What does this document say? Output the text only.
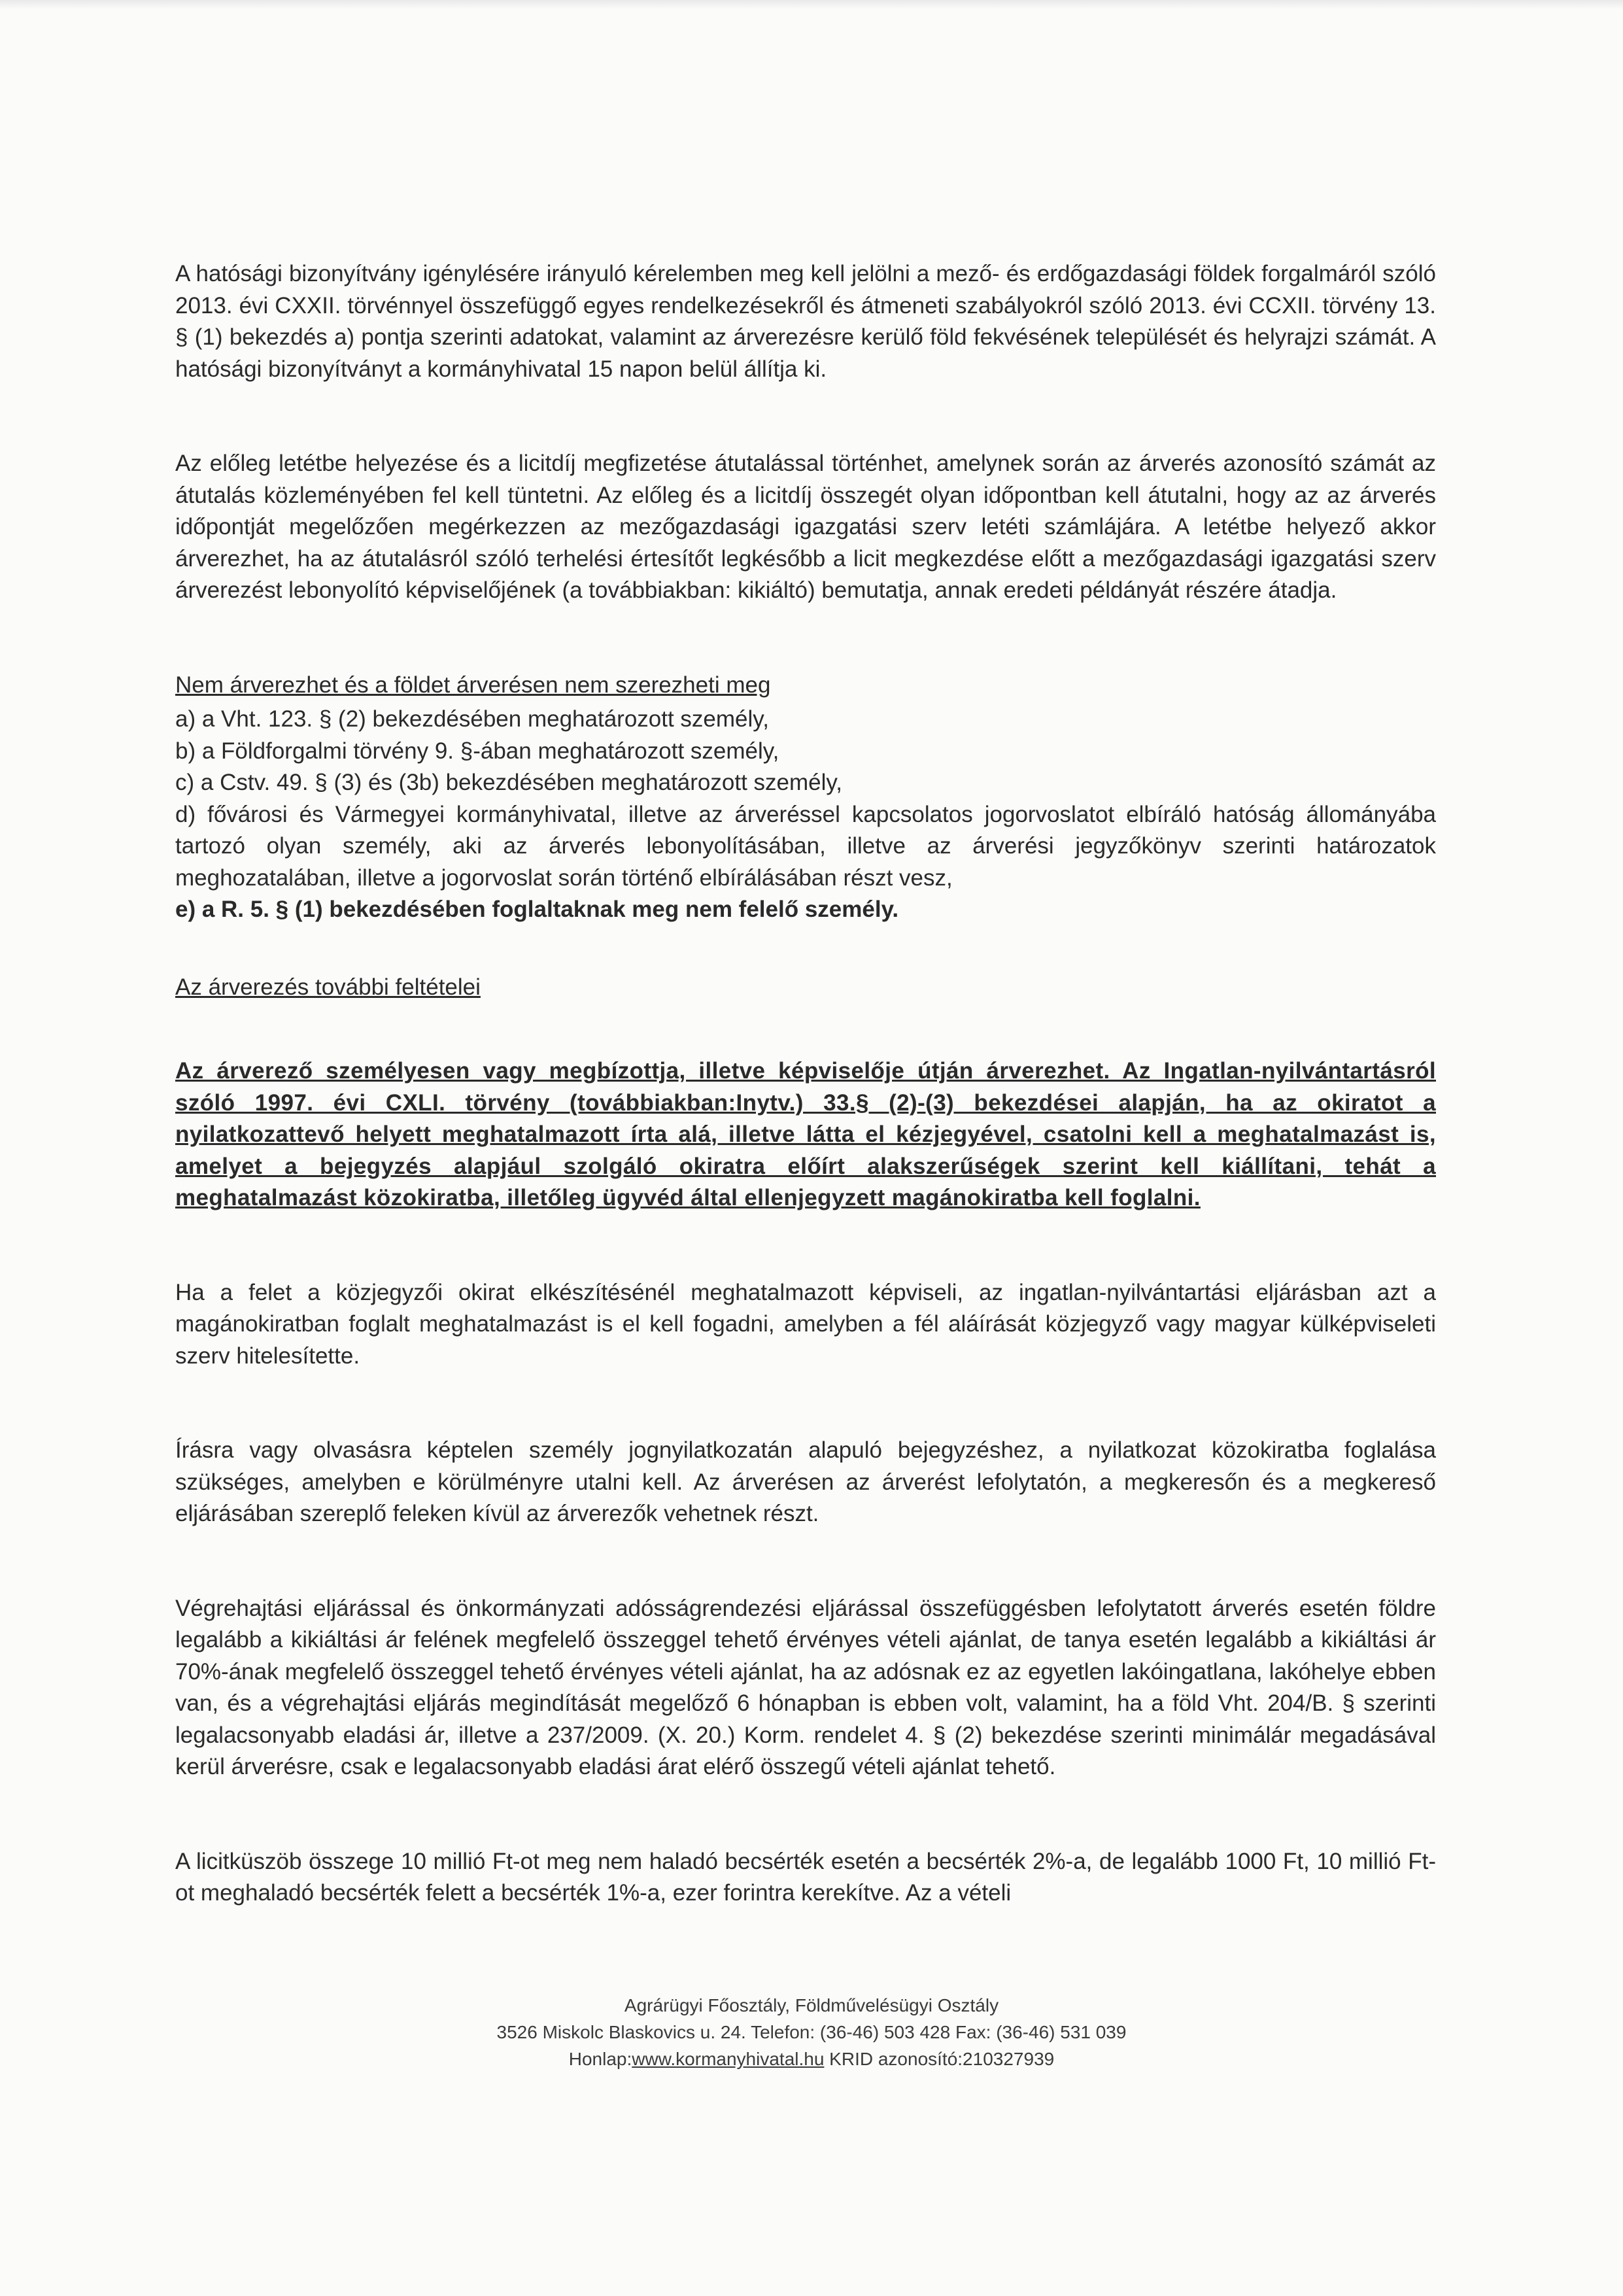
A hatósági bizonyítvány igénylésére irányuló kérelemben meg kell jelölni a mező- és erdőgazdasági földek forgalmáról szóló 2013. évi CXXII. törvénnyel összefüggő egyes rendelkezésekről és átmeneti szabályokról szóló 2013. évi CCXII. törvény 13. § (1) bekezdés a) pontja szerinti adatokat, valamint az árverezésre kerülő föld fekvésének települését és helyrajzi számát. A hatósági bizonyítványt a kormányhivatal 15 napon belül állítja ki.

Az előleg letétbe helyezése és a licitdíj megfizetése átutalással történhet, amelynek során az árverés azonosító számát az átutalás közleményében fel kell tüntetni. Az előleg és a licitdíj összegét olyan időpontban kell átutalni, hogy az az árverés időpontját megelőzően megérkezzen az mezőgazdasági igazgatási szerv letéti számlájára. A letétbe helyező akkor árverezhet, ha az átutalásról szóló terhelési értesítőt legkésőbb a licit megkezdése előtt a mezőgazdasági igazgatási szerv árverezést lebonyolító képviselőjének (a továbbiakban: kikiáltó) bemutatja, annak eredeti példányát részére átadja.

Nem árverezhet és a földet árverésen nem szerezheti meg

a) a Vht. 123. § (2) bekezdésében meghatározott személy,

b) a Földforgalmi törvény 9. §-ában meghatározott személy,

c) a Cstv. 49. § (3) és (3b) bekezdésében meghatározott személy,

d) fővárosi és Vármegyei kormányhivatal, illetve az árveréssel kapcsolatos jogorvoslatot elbíráló hatóság állományába tartozó olyan személy, aki az árverés lebonyolításában, illetve az árverési jegyzőkönyv szerinti határozatok meghozatalában, illetve a jogorvoslat során történő elbírálásában részt vesz,

e) a R. 5. § (1) bekezdésében foglaltaknak meg nem felelő személy.

Az árverezés további feltételei

Az árverező személyesen vagy megbízottja, illetve képviselője útján árverezhet. Az Ingatlan-nyilvántartásról szóló 1997. évi CXLI. törvény (továbbiakban:Inytv.) 33.§ (2)-(3) bekezdései alapján, ha az okiratot a nyilatkozattevő helyett meghatalmazott írta alá, illetve látta el kézjegyével, csatolni kell a meghatalmazást is, amelyet a bejegyzés alapjául szolgáló okiratra előírt alakszerűségek szerint kell kiállítani, tehát a meghatalmazást közokiratba, illetőleg ügyvéd által ellenjegyzett magánokiratba kell foglalni.

Ha a felet a közjegyzői okirat elkészítésénél meghatalmazott képviseli, az ingatlan-nyilvántartási eljárásban azt a magánokiratban foglalt meghatalmazást is el kell fogadni, amelyben a fél aláírását közjegyző vagy magyar külképviseleti szerv hitelesítette.

Írásra vagy olvasásra képtelen személy jognyilatkozatán alapuló bejegyzéshez, a nyilatkozat közokiratba foglalása szükséges, amelyben e körülményre utalni kell. Az árverésen az árverést lefolytatón, a megkeresőn és a megkereső eljárásában szereplő feleken kívül az árverezők vehetnek részt.

Végrehajtási eljárással és önkormányzati adósságrendezési eljárással összefüggésben lefolytatott árverés esetén földre legalább a kikiáltási ár felének megfelelő összeggel tehető érvényes vételi ajánlat, de tanya esetén legalább a kikiáltási ár 70%-ának megfelelő összeggel tehető érvényes vételi ajánlat, ha az adósnak ez az egyetlen lakóingatlana, lakóhelye ebben van, és a végrehajtási eljárás megindítását megelőző 6 hónapban is ebben volt, valamint, ha a föld Vht. 204/B. § szerinti legalacsonyabb eladási ár, illetve a 237/2009. (X. 20.) Korm. rendelet 4. § (2) bekezdése szerinti minimálár megadásával kerül árverésre, csak e legalacsonyabb eladási árat elérő összegű vételi ajánlat tehető.

A licitküszöb összege 10 millió Ft-ot meg nem haladó becsérték esetén a becsérték 2%-a, de legalább 1000 Ft, 10 millió Ft-ot meghaladó becsérték felett a becsérték 1%-a, ezer forintra kerekítve. Az a vételi

Agrárügyi Főosztály, Földművelésügyi Osztály

3526 Miskolc Blaskovics u. 24. Telefon: (36-46) 503 428 Fax: (36-46) 531 039

Honlap:www.kormanyhivatal.hu KRID azonosító:210327939
